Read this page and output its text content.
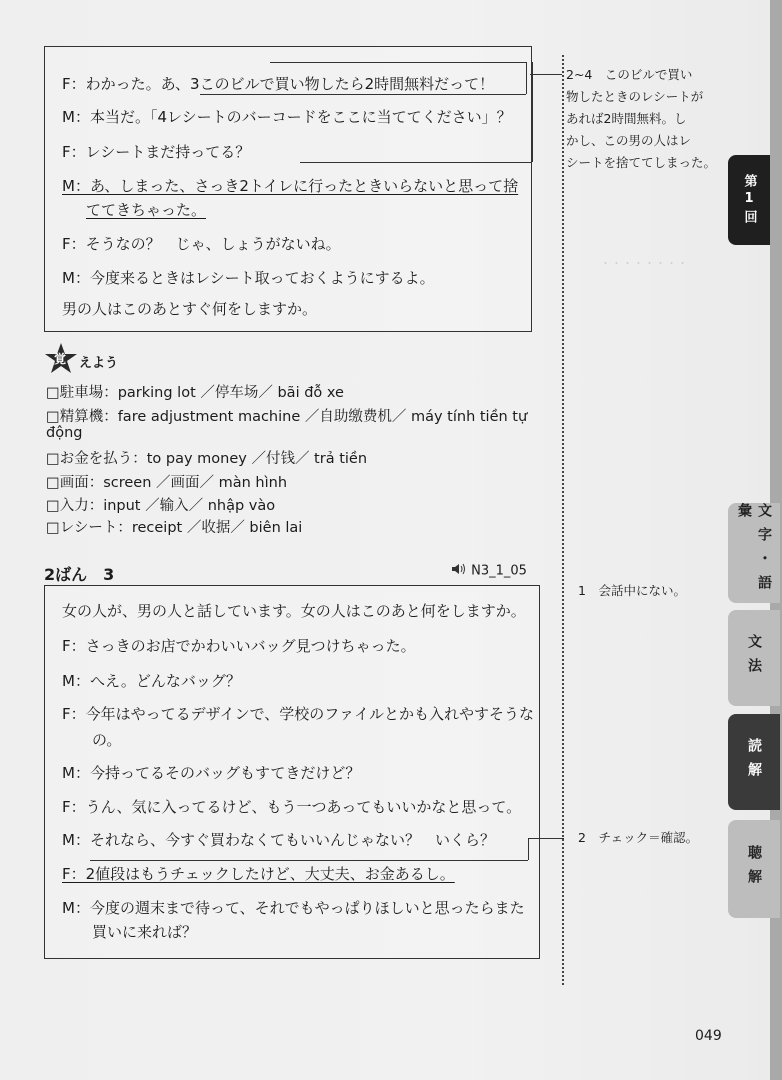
・・・・・・・・
F：わかった。あ、3このビルで買い物したら2時間無料だって！
M：本当だ。「4レシートのバーコードをここに当ててください」？
F：レシートまだ持ってる？
M：あ、しまった、さっき2トイレに行ったときいらないと思って捨
ててきちゃった。
F：そうなの？　じゃ、しょうがないね。
M：今度来るときはレシート取っておくようにするよ。
男の人はこのあとすぐ何をしますか。
2~4　このビルで買い
物したときのレシートが
あれば2時間無料。し
かし、この男の人はレ
シートを捨ててしまった。
覚 えよう
□駐車場：parking lot ／停车场／ bãi đỗ xe
□精算機：fare adjustment machine ／自助缴费机／ máy tính tiền tự
động
□お金を払う：to pay money ／付钱／ trả tiền
□画面：screen ／画面／ màn hình
□入力：input ／输入／ nhập vào
□レシート：receipt ／收据／ biên lai
2ばん　3	N3_1_05
女の人が、男の人と話しています。女の人はこのあと何をしますか。
F：さっきのお店でかわいいバッグ見つけちゃった。
M：へえ。どんなバッグ？
F：今年はやってるデザインで、学校のファイルとかも入れやすそうな
の。
M：今持ってるそのバッグもすてきだけど？
F：うん、気に入ってるけど、もう一つあってもいいかなと思って。
M：それなら、今すぐ買わなくてもいいんじゃない？　いくら？
F：2値段はもうチェックしたけど、大丈夫、お金あるし。
M：今度の週末まで待って、それでもやっぱりほしいと思ったらまた
買いに来れば？
1　会話中にない。
2　チェック＝確認。
第1回
文字・語彙
文法
読解
聴解
049
